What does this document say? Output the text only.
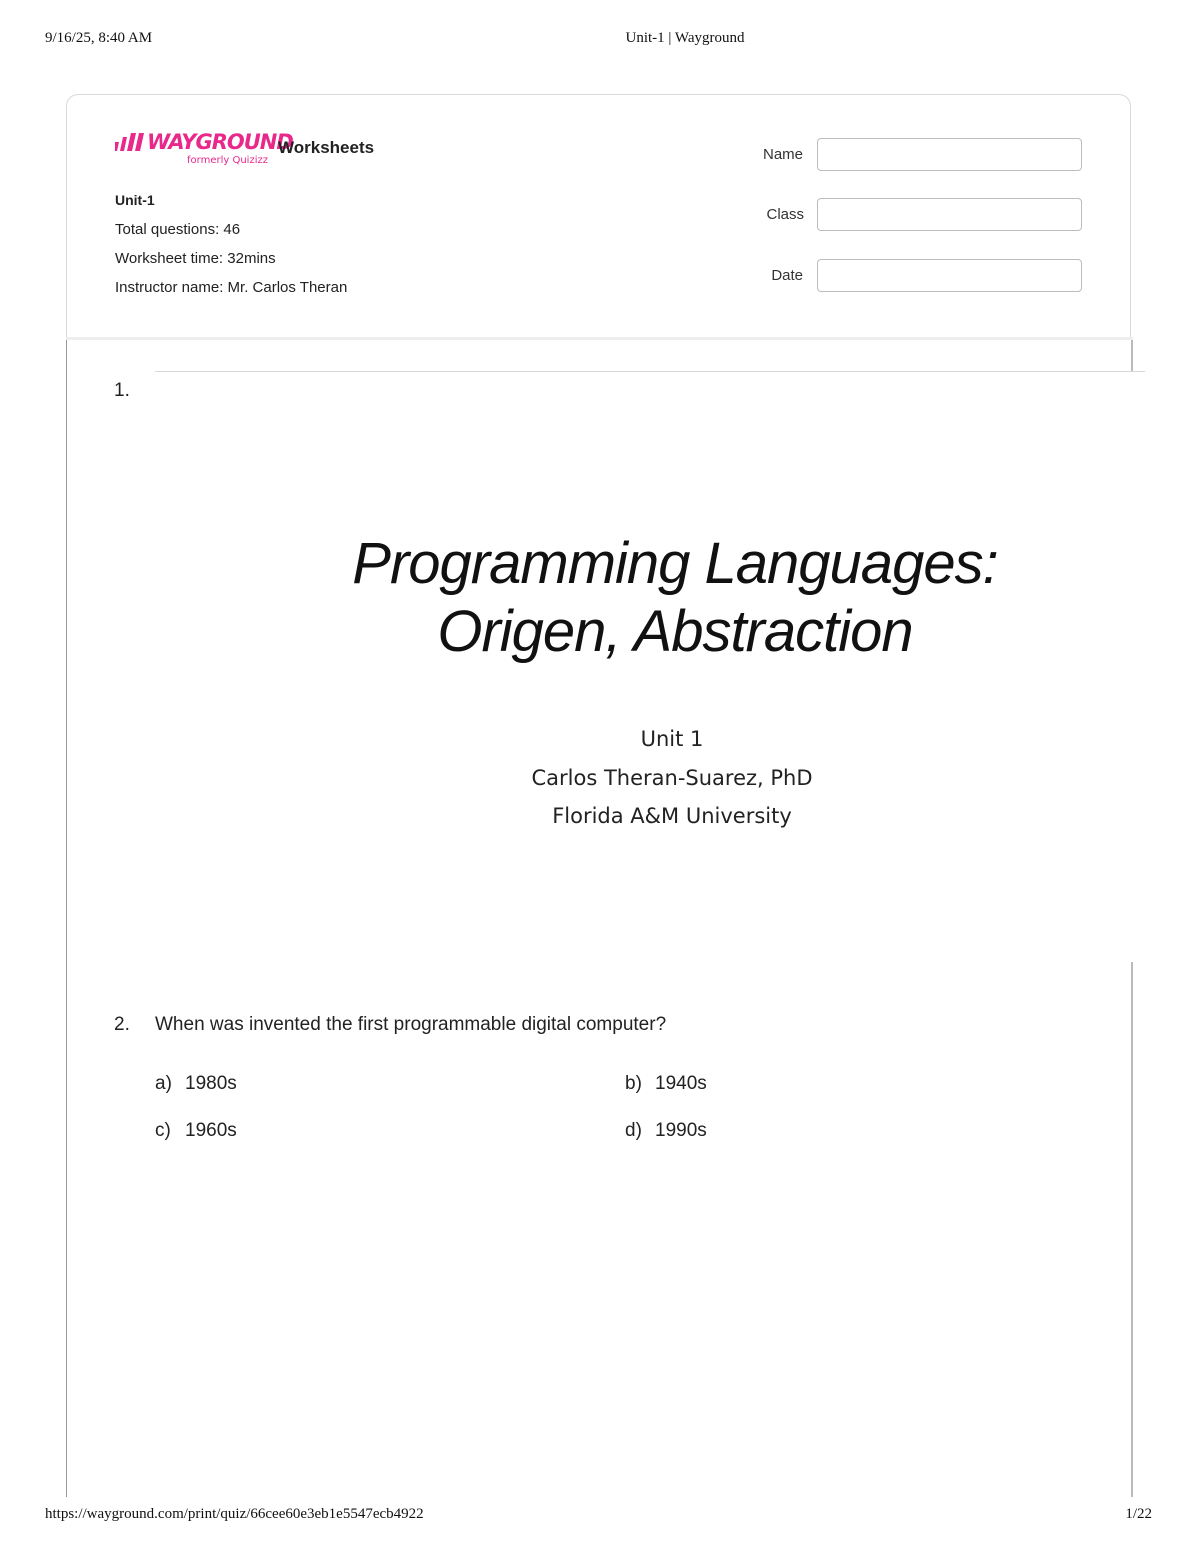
9/16/25, 8:40 AM	Unit-1 | Wayground
WAYGROUND
formerly Quizizz
Worksheets
Unit-1
Total questions: 46
Worksheet time: 32mins
Instructor name: Mr. Carlos Theran
Name
Class
Date
1.
Programming Languages:
Origen, Abstraction
Unit 1
Carlos Theran-Suarez, PhD
Florida A&M University
2. When was invented the first programmable digital computer?
a) 1980s	b) 1940s
c) 1960s	d) 1990s
https://wayground.com/print/quiz/66cee60e3eb1e5547ecb4922	1/22
